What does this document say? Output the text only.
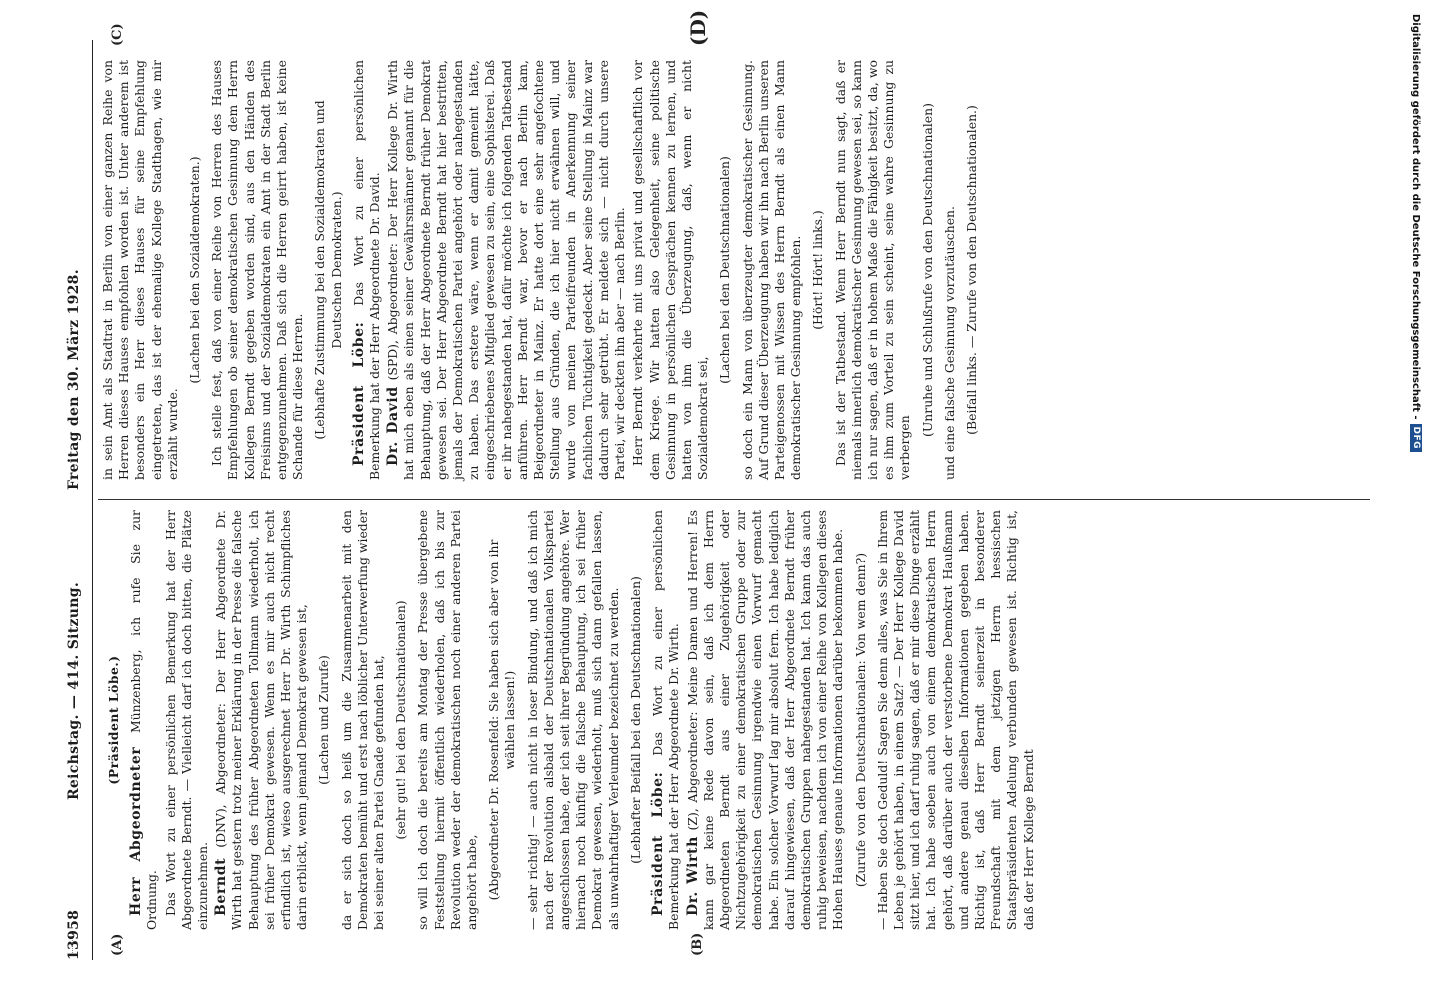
13958
Reichstag. — 414. Sitzung.
Freitag den 30. März 1928.
(A)	(B)
(C)	(D)

(Präsident Löbe.)

Herr Abgeordneter Münzenberg, ich rufe Sie zur Ordnung. Das Wort zu einer persönlichen Bemerkung hat der Herr Abgeordnete Berndt. — Vielleicht darf ich doch bitten, die Plätze einzunehmen. Berndt (DNV), Abgeordneter: Der Herr Abgeordnete Dr. Wirth hat gestern trotz meiner Erklärung in der Presse die falsche Behauptung des früher Abgeordneten Tollmann wiederholt, ich sei früher Demokrat gewesen. Wenn es mir auch nicht recht erfindlich ist, wieso ausgerechnet Herr Dr. Wirth Schimpfliches darin erblickt, wenn jemand Demokrat gewesen ist, (Lachen und Zurufe) da er sich doch so heiß um die Zusammenarbeit mit den Demokraten bemüht und erst nach löblicher Unterwerfung wieder bei seiner alten Partei Gnade gefunden hat, (sehr gut! bei den Deutschnationalen) so will ich doch die bereits am Montag der Presse übergebene Feststellung hiermit öffentlich wiederholen, daß ich bis zur Revolution weder der demokratischen noch einer anderen Partei angehört habe, (Abgeordneter Dr. Rosenfeld: Sie haben sich aber von ihr wählen lassen!) — sehr richtig! — auch nicht in loser Bindung, und daß ich mich nach der Revolution alsbald der Deutschnationalen Volkspartei angeschlossen habe, der ich seit ihrer Begründung angehöre. Wer hiernach noch künftig die falsche Behauptung, ich sei früher Demokrat gewesen, wiederholt, muß sich dann gefallen lassen, als unwahrhaftiger Verleumder bezeichnet zu werden. (Lebhafter Beifall bei den Deutschnationalen) Präsident Löbe: Das Wort zu einer persönlichen Bemerkung hat der Herr Abgeordnete Dr. Wirth. Dr. Wirth (Z), Abgeordneter: Meine Damen und Herren! Es kann gar keine Rede davon sein, daß ich dem Herrn Abgeordneten Berndt aus einer Zugehörigkeit oder Nichtzugehörigkeit zu einer demokratischen Gruppe oder zur demokratischen Gesinnung irgendwie einen Vorwurf gemacht habe. Ein solcher Vorwurf lag mir absolut fern. Ich habe lediglich darauf hingewiesen, daß der Herr Abgeordnete Berndt früher demokratischen Gruppen nahegestanden hat. Ich kann das auch ruhig beweisen, nachdem ich von einer Reihe von Kollegen dieses Hohen Hauses genaue Informationen darüber bekommen habe. (Zurufe von den Deutschnationalen: Von wem denn?) — Haben Sie doch Geduld! Sagen Sie denn alles, was Sie in Ihrem Leben je gehört haben, in einem Satz? — Der Herr Kollege David sitzt hier, und ich darf ruhig sagen, daß er mir diese Dinge erzählt hat. Ich habe soeben auch von einem demokratischen Herrn gehört, daß darüber auch der verstorbene Demokrat Haußmann und andere genau dieselben Informationen gegeben haben. Richtig ist, daß Herr Berndt seinerzeit in besonderer Freundschaft mit dem jetzigen Herrn hessischen Staatspräsidenten Adelung verbunden gewesen ist. Richtig ist, daß der Herr Kollege Berndt

in sein Amt als Stadtrat in Berlin von einer ganzen Reihe von Herren dieses Hauses empfohlen worden ist. Unter anderem ist besonders ein Herr dieses Hauses für seine Empfehlung eingetreten, das ist der ehemalige Kollege Stadthagen, wie mir erzählt wurde.

(Lachen bei den Sozialdemokraten.) Ich stelle fest, daß von einer Reihe von Herren des Hauses Empfehlungen ob seiner demokratischen Gesinnung dem Herrn Kollegen Berndt gegeben worden sind, aus den Händen des Freisinns und der Sozialdemokraten ein Amt in der Stadt Berlin entgegenzunehmen. Daß sich die Herren geirrt haben, ist keine Schande für diese Herren. (Lebhafte Zustimmung bei den Sozialdemokraten und Deutschen Demokraten.)

Präsident Löbe: Das Wort zu einer persönlichen Bemerkung hat der Herr Abgeordnete Dr. David. Dr. David (SPD), Abgeordneter: Der Herr Kollege Dr. Wirth hat mich eben als einen seiner Gewährsmänner genannt für die Behauptung, daß der Herr Abgeordnete Berndt früher Demokrat gewesen sei. Der Herr Abgeordnete Berndt hat hier bestritten, jemals der Demokratischen Partei angehört oder nahegestanden zu haben. Das erstere wäre, wenn er damit gemeint hätte, eingeschriebenes Mitglied gewesen zu sein, eine Sophisterei. Daß er ihr nahegestanden hat, dafür möchte ich folgenden Tatbestand anführen. Herr Berndt war, bevor er nach Berlin kam, Beigeordneter in Mainz. Er hatte dort eine sehr angefochtene Stellung aus Gründen, die ich hier nicht erwähnen will, und wurde von meinen Parteifreunden in Anerkennung seiner fachlichen Tüchtigkeit gedeckt. Aber seine Stellung in Mainz war dadurch sehr getrübt. Er meldete sich — nicht durch unsere Partei, wir deckten ihn aber — nach Berlin. Herr Berndt verkehrte mit uns privat und gesellschaftlich vor dem Kriege. Wir hatten also Gelegenheit, seine politische Gesinnung in persönlichen Gesprächen kennen zu lernen, und hatten von ihm die Überzeugung, daß, wenn er nicht Sozialdemokrat sei,

(Lachen bei den Deutschnationalen) so doch ein Mann von überzeugter demokratischer Gesinnung. Auf Grund dieser Überzeugung haben wir ihn nach Berlin unseren Parteigenossen mit Wissen des Herrn Berndt als einen Mann demokratischer Gesinnung empfohlen. (Hört! Hört! links.) Das ist der Tatbestand. Wenn Herr Berndt nun sagt, daß er niemals innerlich demokratischer Gesinnung gewesen sei, so kann ich nur sagen, daß er in hohem Maße die Fähigkeit besitzt, da, wo es ihm zum Vorteil zu sein scheint, seine wahre Gesinnung zu verbergen

(Unruhe und Schlußrufe von den Deutschnationalen) und eine falsche Gesinnung vorzutäuschen. (Beifall links. — Zurufe von den Deutschnationalen.)	Digitalisierung gefördert durch die Deutsche Forschungsgemeinschaft -
DFG
